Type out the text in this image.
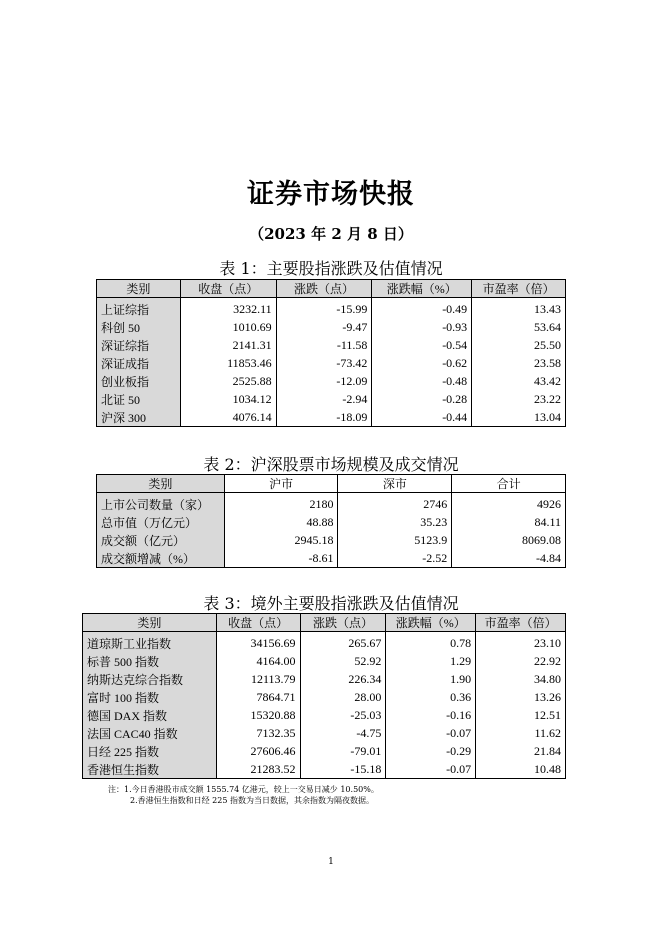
证券市场快报
（2023 年 2 月 8 日）
表 1：主要股指涨跌及估值情况
类别	收盘（点）	涨跌（点）	涨跌幅（%）	市盈率（倍）
上证综指	3232.11	-15.99	-0.49	13.43
科创 50	1010.69	-9.47	-0.93	53.64
深证综指	2141.31	-11.58	-0.54	25.50
深证成指	11853.46	-73.42	-0.62	23.58
创业板指	2525.88	-12.09	-0.48	43.42
北证 50	1034.12	-2.94	-0.28	23.22
沪深 300	4076.14	-18.09	-0.44	13.04
表 2：沪深股票市场规模及成交情况
类别	沪市	深市	合计
上市公司数量（家）	2180	2746	4926
总市值（万亿元）	48.88	35.23	84.11
成交额（亿元）	2945.18	5123.9	8069.08
成交额增减（%）	-8.61	-2.52	-4.84
表 3：境外主要股指涨跌及估值情况
类别	收盘（点）	涨跌（点）	涨跌幅（%）	市盈率（倍）
道琼斯工业指数	34156.69	265.67	0.78	23.10
标普 500 指数	4164.00	52.92	1.29	22.92
纳斯达克综合指数	12113.79	226.34	1.90	34.80
富时 100 指数	7864.71	28.00	0.36	13.26
德国 DAX 指数	15320.88	-25.03	-0.16	12.51
法国 CAC40 指数	7132.35	-4.75	-0.07	11.62
日经 225 指数	27606.46	-79.01	-0.29	21.84
香港恒生指数	21283.52	-15.18	-0.07	10.48
注：1.今日香港股市成交额 1555.74 亿港元，较上一交易日减少 10.50%。
2.香港恒生指数和日经 225 指数为当日数据，其余指数为隔夜数据。
1
